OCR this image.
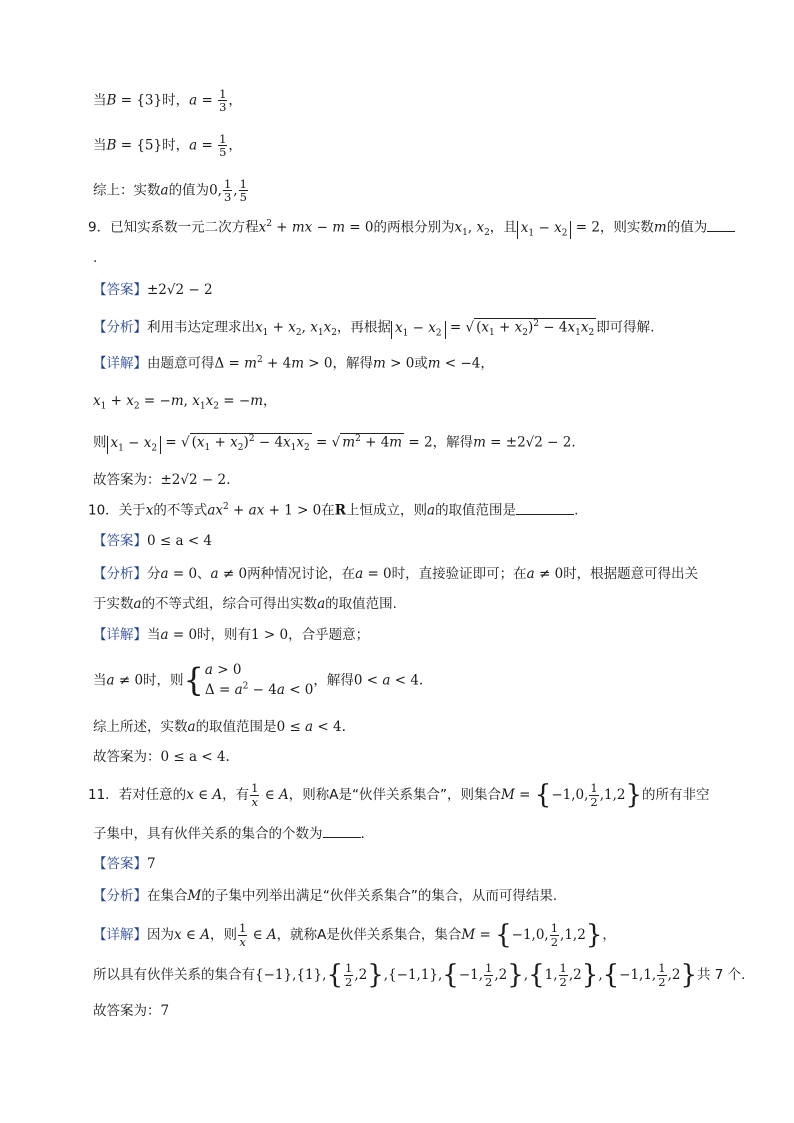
当B = {3}时，$a = \frac{1}{3}$ ，
当B = {5}时，$a = \frac{1}{5}$ ，
综上：实数a的值为0, $\frac{1}{3}$ , $\frac{1}{5}$
9．已知实系数一元二次方程$x^2$ + mx − m = 0的两根分别为$x_1$, $x_2$，且 $x_1 - x_2 = 2$，则实数m的值为
.
【答案】±2√2 − 2
【分析】利用韦达定理求出$x_1 + x_2$, $x_1x_2$，再根据 $x_1 - x_2$ = √ $(x_1 + x_2)^2 - 4x_1x_2$ 即可得解.
【详解】由题意可得$\Delta = m^2 + 4m > 0$，解得m > 0或m < −4，
$x_1 + x_2 = -m$, $x_1x_2 = -m$，
则 $x_1 - x_2$ = √ $(x_1 + x_2)^2 - 4x_1x_2$ = √ $m^2 + 4m = 2$，解得m = ±2√2 − 2.
故答案为：±2√2 − 2.
10．关于x的不等式$ax^2$ + ax + 1 > 0在R上恒成立，则a的取值范围是	.
【答案】0 ≤ a < 4
【分析】分a = 0、a ≠ 0两种情况讨论，在a = 0时，直接验证即可；在a ≠ 0时，根据题意可得出关
于实数a的不等式组，综合可得出实数a的取值范围.
【详解】当a = 0时，则有1 > 0，合乎题意；
当a ≠ 0时，则{ a > 0
$\Delta = a^2 - 4a < 0$
，解得0 < a < 4.
综上所述，实数a的取值范围是0 ≤ a < 4.
故答案为：0 ≤ a < 4.
11．若对任意的x ∈ A，有 $\frac{1}{x}$ ∈ A，则称A是“伙伴关系集合”，则集合M = {−1,0, $\frac{1}{2} ,1,2$}的所有非空
子集中，具有伙伴关系的集合的个数为	.
【答案】7
【分析】在集合M的子集中列举出满足“伙伴关系集合”的集合，从而可得结果.
【详解】因为x ∈ A，则 $\frac{1}{x}$ ∈ A，就称A是伙伴关系集合，集合M = {−1,0, $\frac{1}{2} ,1,2$}，
所以具有伙伴关系的集合有$\{-1\},\{1\},\{ \frac{1}{2} ,2\},\{-1,1\},\{-1$, $\frac{1}{2} ,2\},\{1$, $\frac{1}{2} ,2\},\{-1,1$, $\frac{1}{2} ,2$}共 7 个.
故答案为：7
